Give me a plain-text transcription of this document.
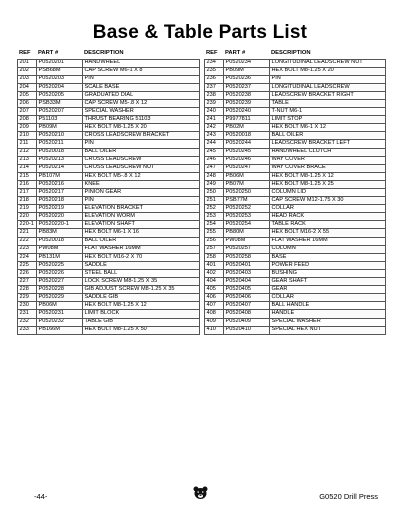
Base & Table Parts List
REF	PART #	DESCRIPTION
201	P0520201	HANDWHEEL
202	PSB68M	CAP SCREW M6-1 X 8
203	P0520203	PIN
204	P0520204	SCALE BASE
205	P0520205	GRADUATED DIAL
206	PSB33M	CAP SCREW M5-.8 X 12
207	P0520207	SPECIAL WASHER
208	P51103	THRUST BEARING 51103
209	PB09M	HEX BOLT M8-1.25 X 20
210	P0520210	CROSS LEADSCREW BRACKET
211	P0520211	PIN
212	P0520018	BALL OILER
213	P0520213	CROSS LEADSCREW
214	P0520214	CROSS LEADSCREW NUT
215	PB107M	HEX BOLT M5-.8 X 12
216	P0520216	KNEE
217	P0520217	PINION GEAR
218	P0520218	PIN
219	P0520219	ELEVATION BRACKET
220	P0520220	ELEVATION WORM
220-1	P0520220-1	ELEVATION SHAFT
221	PB83M	HEX BOLT M6-1 X 16
222	P0520018	BALL OILER
223	PW08M	FLAT WASHER 16MM
224	PB131M	HEX BOLT M16-2 X 70
225	P0520225	SADDLE
226	P0520226	STEEL BALL
227	P0520227	LOCK SCREW M8-1.25 X 35
228	P0520228	GIB ADJUST SCREW M8-1.25 X 35
229	P0520229	SADDLE GIB
230	PB06M	HEX BOLT M8-1.25 X 12
231	P0520231	LIMIT BLOCK
232	P0520232	TABLE GIB
233	PB166M	HEX BOLT M8-1.25 X 50
REF	PART #	DESCRIPTION
234	P0520234	LONGITUDINAL LEADSCREW NUT
235	PB09M	HEX BOLT M8-1.25 X 20
236	P0520236	PIN
237	P0520237	LONGITUDINAL LEADSCREW
238	P0520238	LEADSCREW BRACKET RIGHT
239	P0520239	TABLE
240	P0520240	T-NUT M6-1
241	P9977811	LIMIT STOP
242	PB02M	HEX BOLT M6-1 X 12
243	P0520018	BALL OILER
244	P0520244	LEADSCREW BRACKET LEFT
245	P0520245	HANDWHEEL CLUTCH
246	P0520246	WAY COVER
247	P0520247	WAY COVER BRACE
248	PB06M	HEX BOLT M8-1.25 X 12
249	PB07M	HEX BOLT M8-1.25 X 25
250	P0520250	COLUMN LID
251	PSB77M	CAP SCREW M12-1.75 X 30
252	P0520252	COLLAR
253	P0520253	HEAD RACK
254	P0520254	TABLE RACK
255	PB80M	HEX BOLT M16-2 X 55
256	PW08M	FLAT WASHER 16MM
257	P0520257	COLUMN
258	P0520258	BASE
401	P0520401	POWER FEED
402	P0520403	BUSHING
404	P0520404	GEAR SHAFT
405	P0520405	GEAR
406	P0520406	COLLAR
407	P0520407	BALL HANDLE
408	P0520408	HANDLE
409	P0520409	SPECIAL WASHER
410	P0520410	SPECIAL HEX NUT
-44-	G0520 Drill Press
